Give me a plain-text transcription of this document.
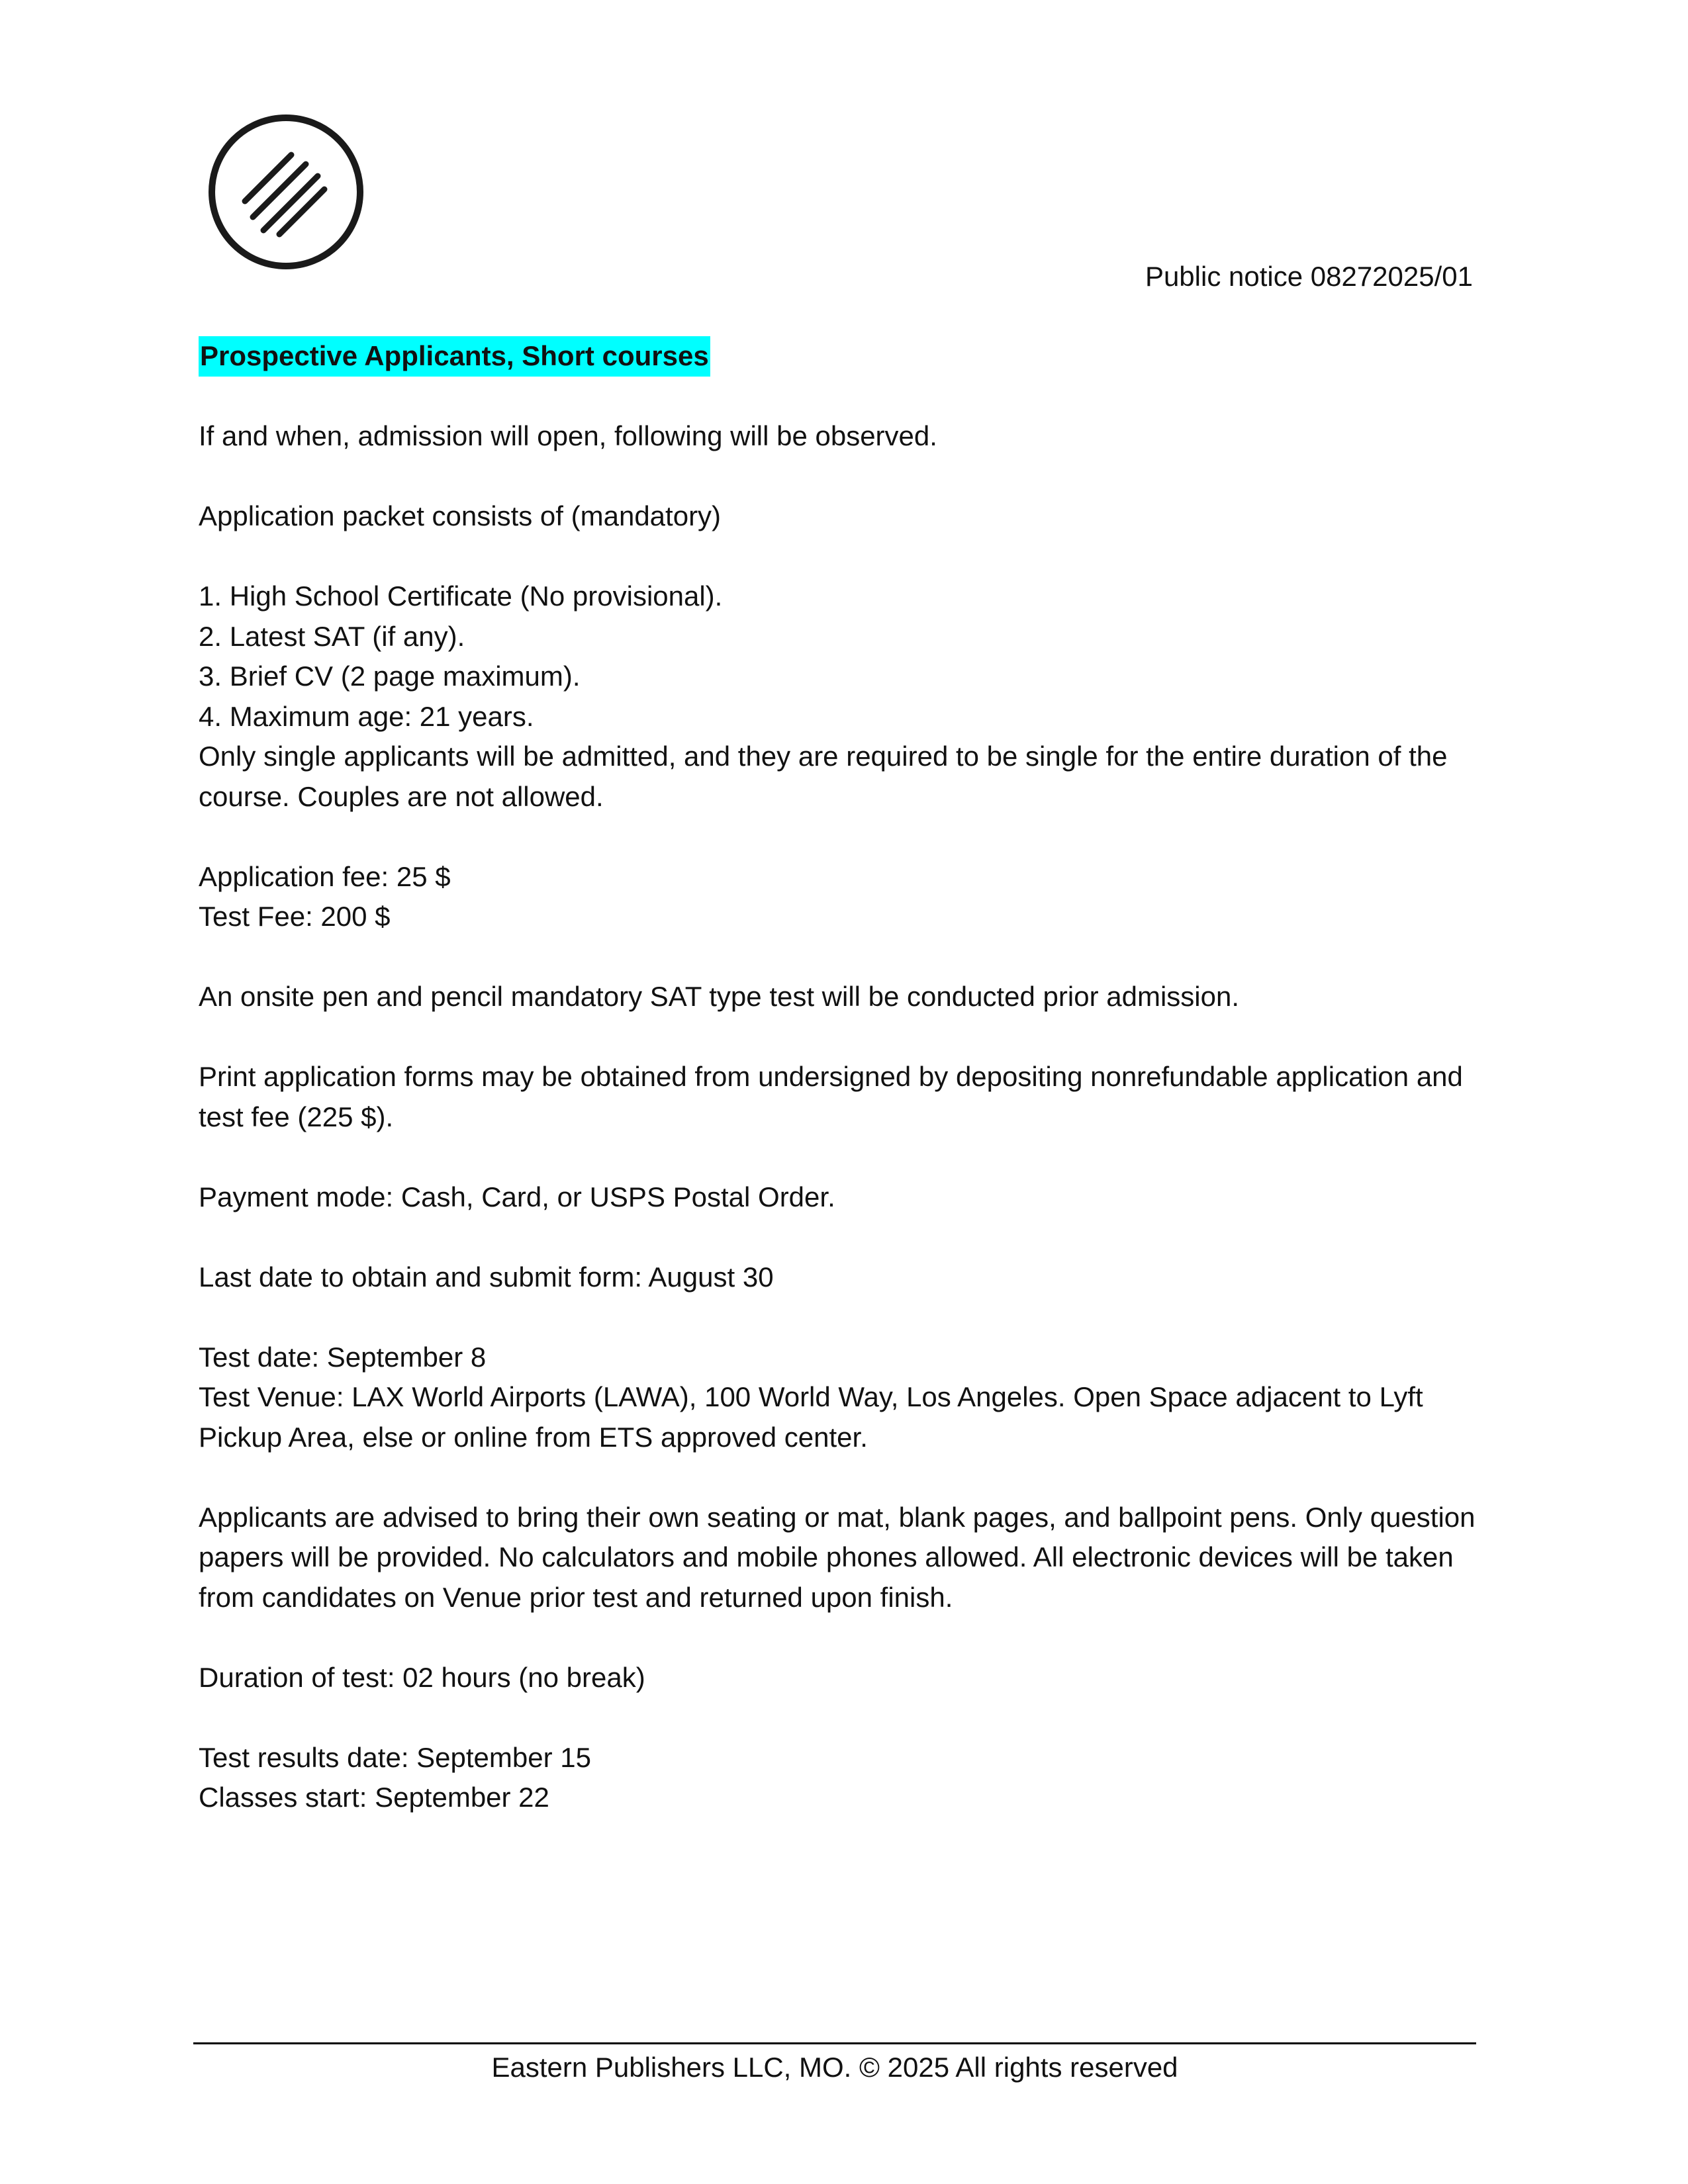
Public notice 08272025/01

Prospective Applicants, Short courses

If and when, admission will open, following will be observed.

Application packet consists of (mandatory)

1. High School Certificate (No provisional).

2. Latest SAT (if any).

3. Brief CV (2 page maximum).

4. Maximum age: 21 years.

Only single applicants will be admitted, and they are required to be single for the entire duration of the course. Couples are not allowed.

Application fee: 25 $

Test Fee: 200 $

An onsite pen and pencil mandatory SAT type test will be conducted prior admission.

Print application forms may be obtained from undersigned by depositing nonrefundable application and test fee (225 $).

Payment mode: Cash, Card, or USPS Postal Order.

Last date to obtain and submit form: August 30

Test date: September 8

Test Venue: LAX World Airports (LAWA), 100 World Way, Los Angeles. Open Space adjacent to Lyft Pickup Area, else or online from ETS approved center.

Applicants are advised to bring their own seating or mat, blank pages, and ballpoint pens. Only question papers will be provided. No calculators and mobile phones allowed. All electronic devices will be taken from candidates on Venue prior test and returned upon finish.

Duration of test: 02 hours (no break)

Test results date: September 15

Classes start: September 22

Eastern Publishers LLC, MO. © 2025 All rights reserved
